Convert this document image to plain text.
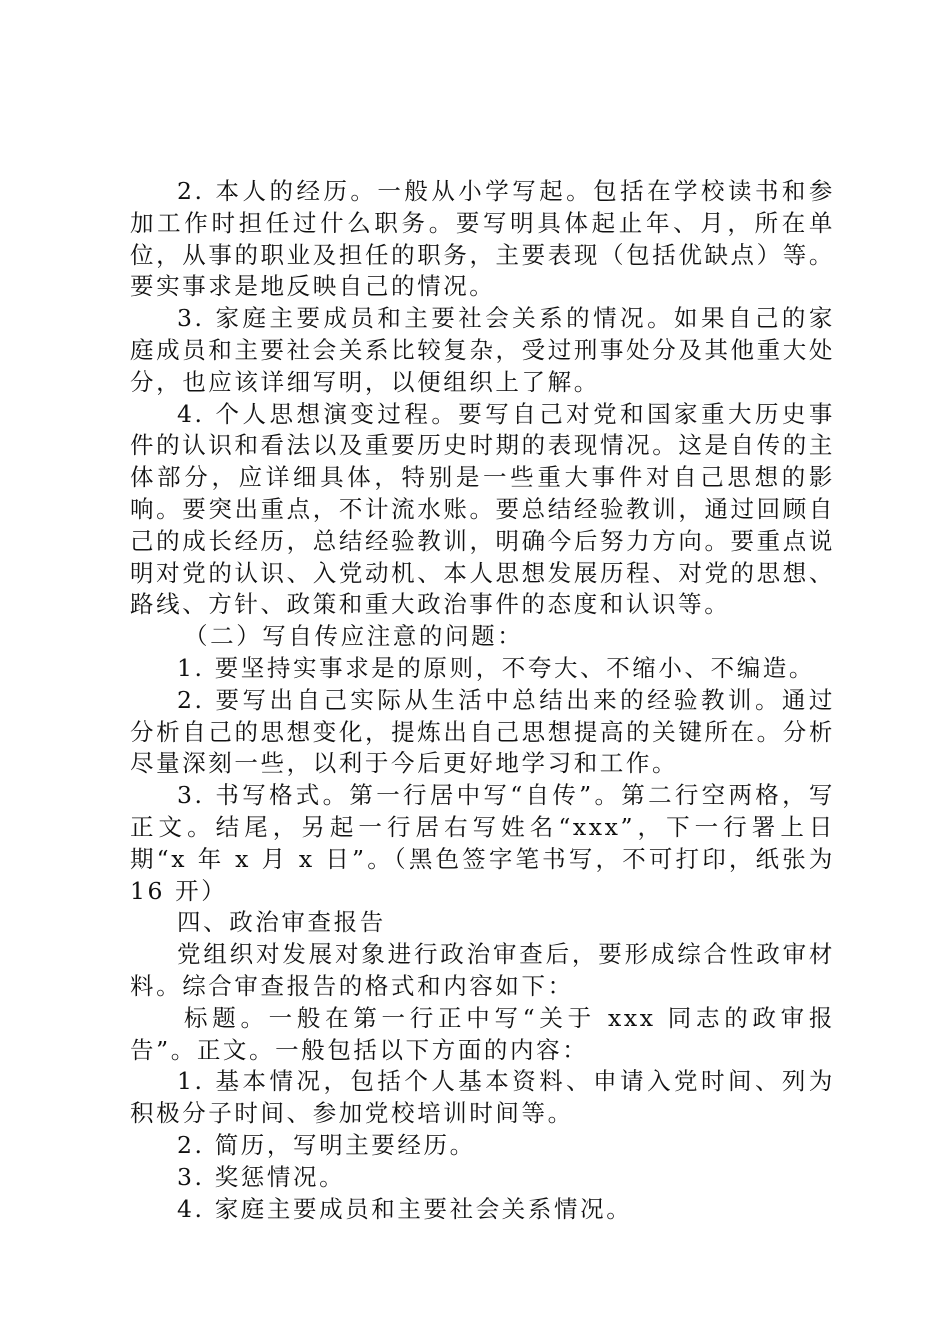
2. 本人的经历。一般从小学写起。包括在学校读书和参加工作时担任过什么职务。要写明具体起止年、月，所在单位，从事的职业及担任的职务，主要表现（包括优缺点）等。要实事求是地反映自己的情况。

3. 家庭主要成员和主要社会关系的情况。如果自己的家庭成员和主要社会关系比较复杂，受过刑事处分及其他重大处分，也应该详细写明，以便组织上了解。

4. 个人思想演变过程。要写自己对党和国家重大历史事件的认识和看法以及重要历史时期的表现情况。这是自传的主体部分，应详细具体，特别是一些重大事件对自己思想的影响。要突出重点，不计流水账。要总结经验教训，通过回顾自己的成长经历，总结经验教训，明确今后努力方向。要重点说明对党的认识、入党动机、本人思想发展历程、对党的思想、路线、方针、政策和重大政治事件的态度和认识等。

（二）写自传应注意的问题：

1. 要坚持实事求是的原则，不夸大、不缩小、不编造。

2. 要写出自己实际从生活中总结出来的经验教训。通过分析自己的思想变化，提炼出自己思想提高的关键所在。分析尽量深刻一些，以利于今后更好地学习和工作。

3. 书写格式。第一行居中写“自传”。第二行空两格，写正文。结尾，另起一行居右写姓名“xxx”，下一行署上日期“x 年 x 月 x 日”。（黑色签字笔书写，不可打印，纸张为 16 开）

四、政治审查报告

党组织对发展对象进行政治审查后，要形成综合性政审材料。综合审查报告的格式和内容如下：

标题。一般在第一行正中写“关于 xxx 同志的政审报告”。正文。一般包括以下方面的内容：

1. 基本情况，包括个人基本资料、申请入党时间、列为积极分子时间、参加党校培训时间等。

2. 简历，写明主要经历。

3. 奖惩情况。

4. 家庭主要成员和主要社会关系情况。
